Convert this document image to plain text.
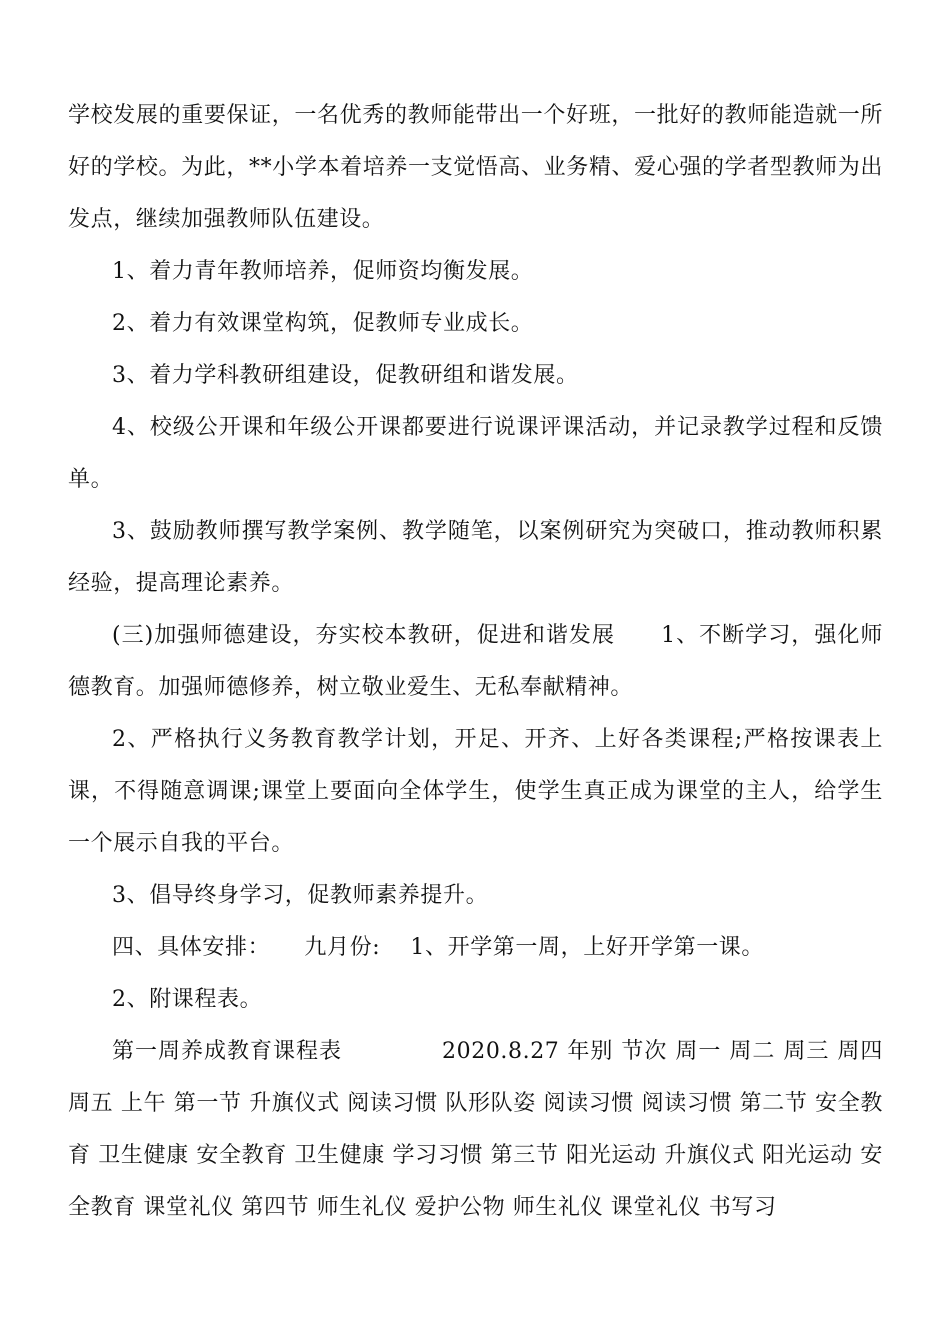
学校发展的重要保证，一名优秀的教师能带出一个好班，一批好的教师能造就一所好的学校。为此，**小学本着培养一支觉悟高、业务精、爱心强的学者型教师为出发点，继续加强教师队伍建设。

1、着力青年教师培养，促师资均衡发展。

2、着力有效课堂构筑，促教师专业成长。

3、着力学科教研组建设，促教研组和谐发展。

4、校级公开课和年级公开课都要进行说课评课活动，并记录教学过程和反馈单。

3、鼓励教师撰写教学案例、教学随笔，以案例研究为突破口，推动教师积累经验，提高理论素养。

(三)加强师德建设，夯实校本教研，促进和谐发展　　1、不断学习，强化师德教育。加强师德修养，树立敬业爱生、无私奉献精神。

2、严格执行义务教育教学计划，开足、开齐、上好各类课程;严格按课表上课，不得随意调课;课堂上要面向全体学生，使学生真正成为课堂的主人，给学生一个展示自我的平台。

3、倡导终身学习，促教师素养提升。

四、具体安排：　　九月份:　 1、开学第一周，上好开学第一课。

2、附课程表。

第一周养成教育课程表　　　　 2020.8.27 年别 节次 周一 周二 周三 周四 周五 上午 第一节 升旗仪式 阅读习惯 队形队姿 阅读习惯 阅读习惯 第二节 安全教育 卫生健康 安全教育 卫生健康 学习习惯 第三节 阳光运动 升旗仪式 阳光运动 安全教育 课堂礼仪 第四节 师生礼仪 爱护公物 师生礼仪 课堂礼仪 书写习
